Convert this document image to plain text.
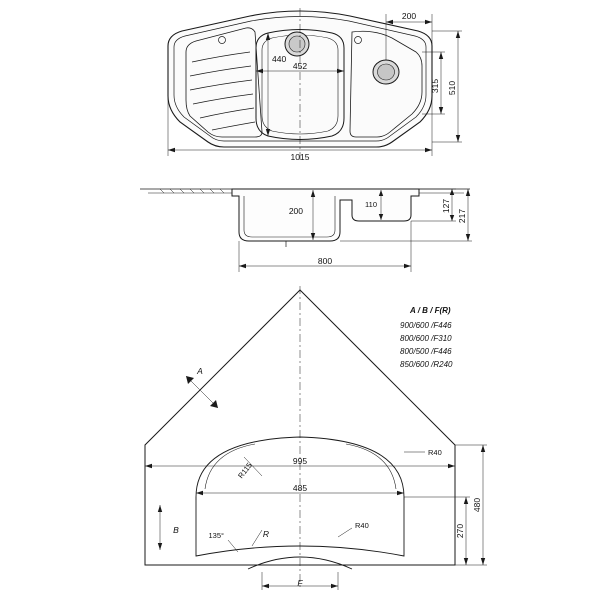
1015
452
440
200
315 510
200
110	127
217
800
A
B	R
F
R115
R40
R40
995
485
480
270
135°
A / B / F(R)
900/600 /F446
800/600 /F310
800/500 /F446
850/600 /R240
